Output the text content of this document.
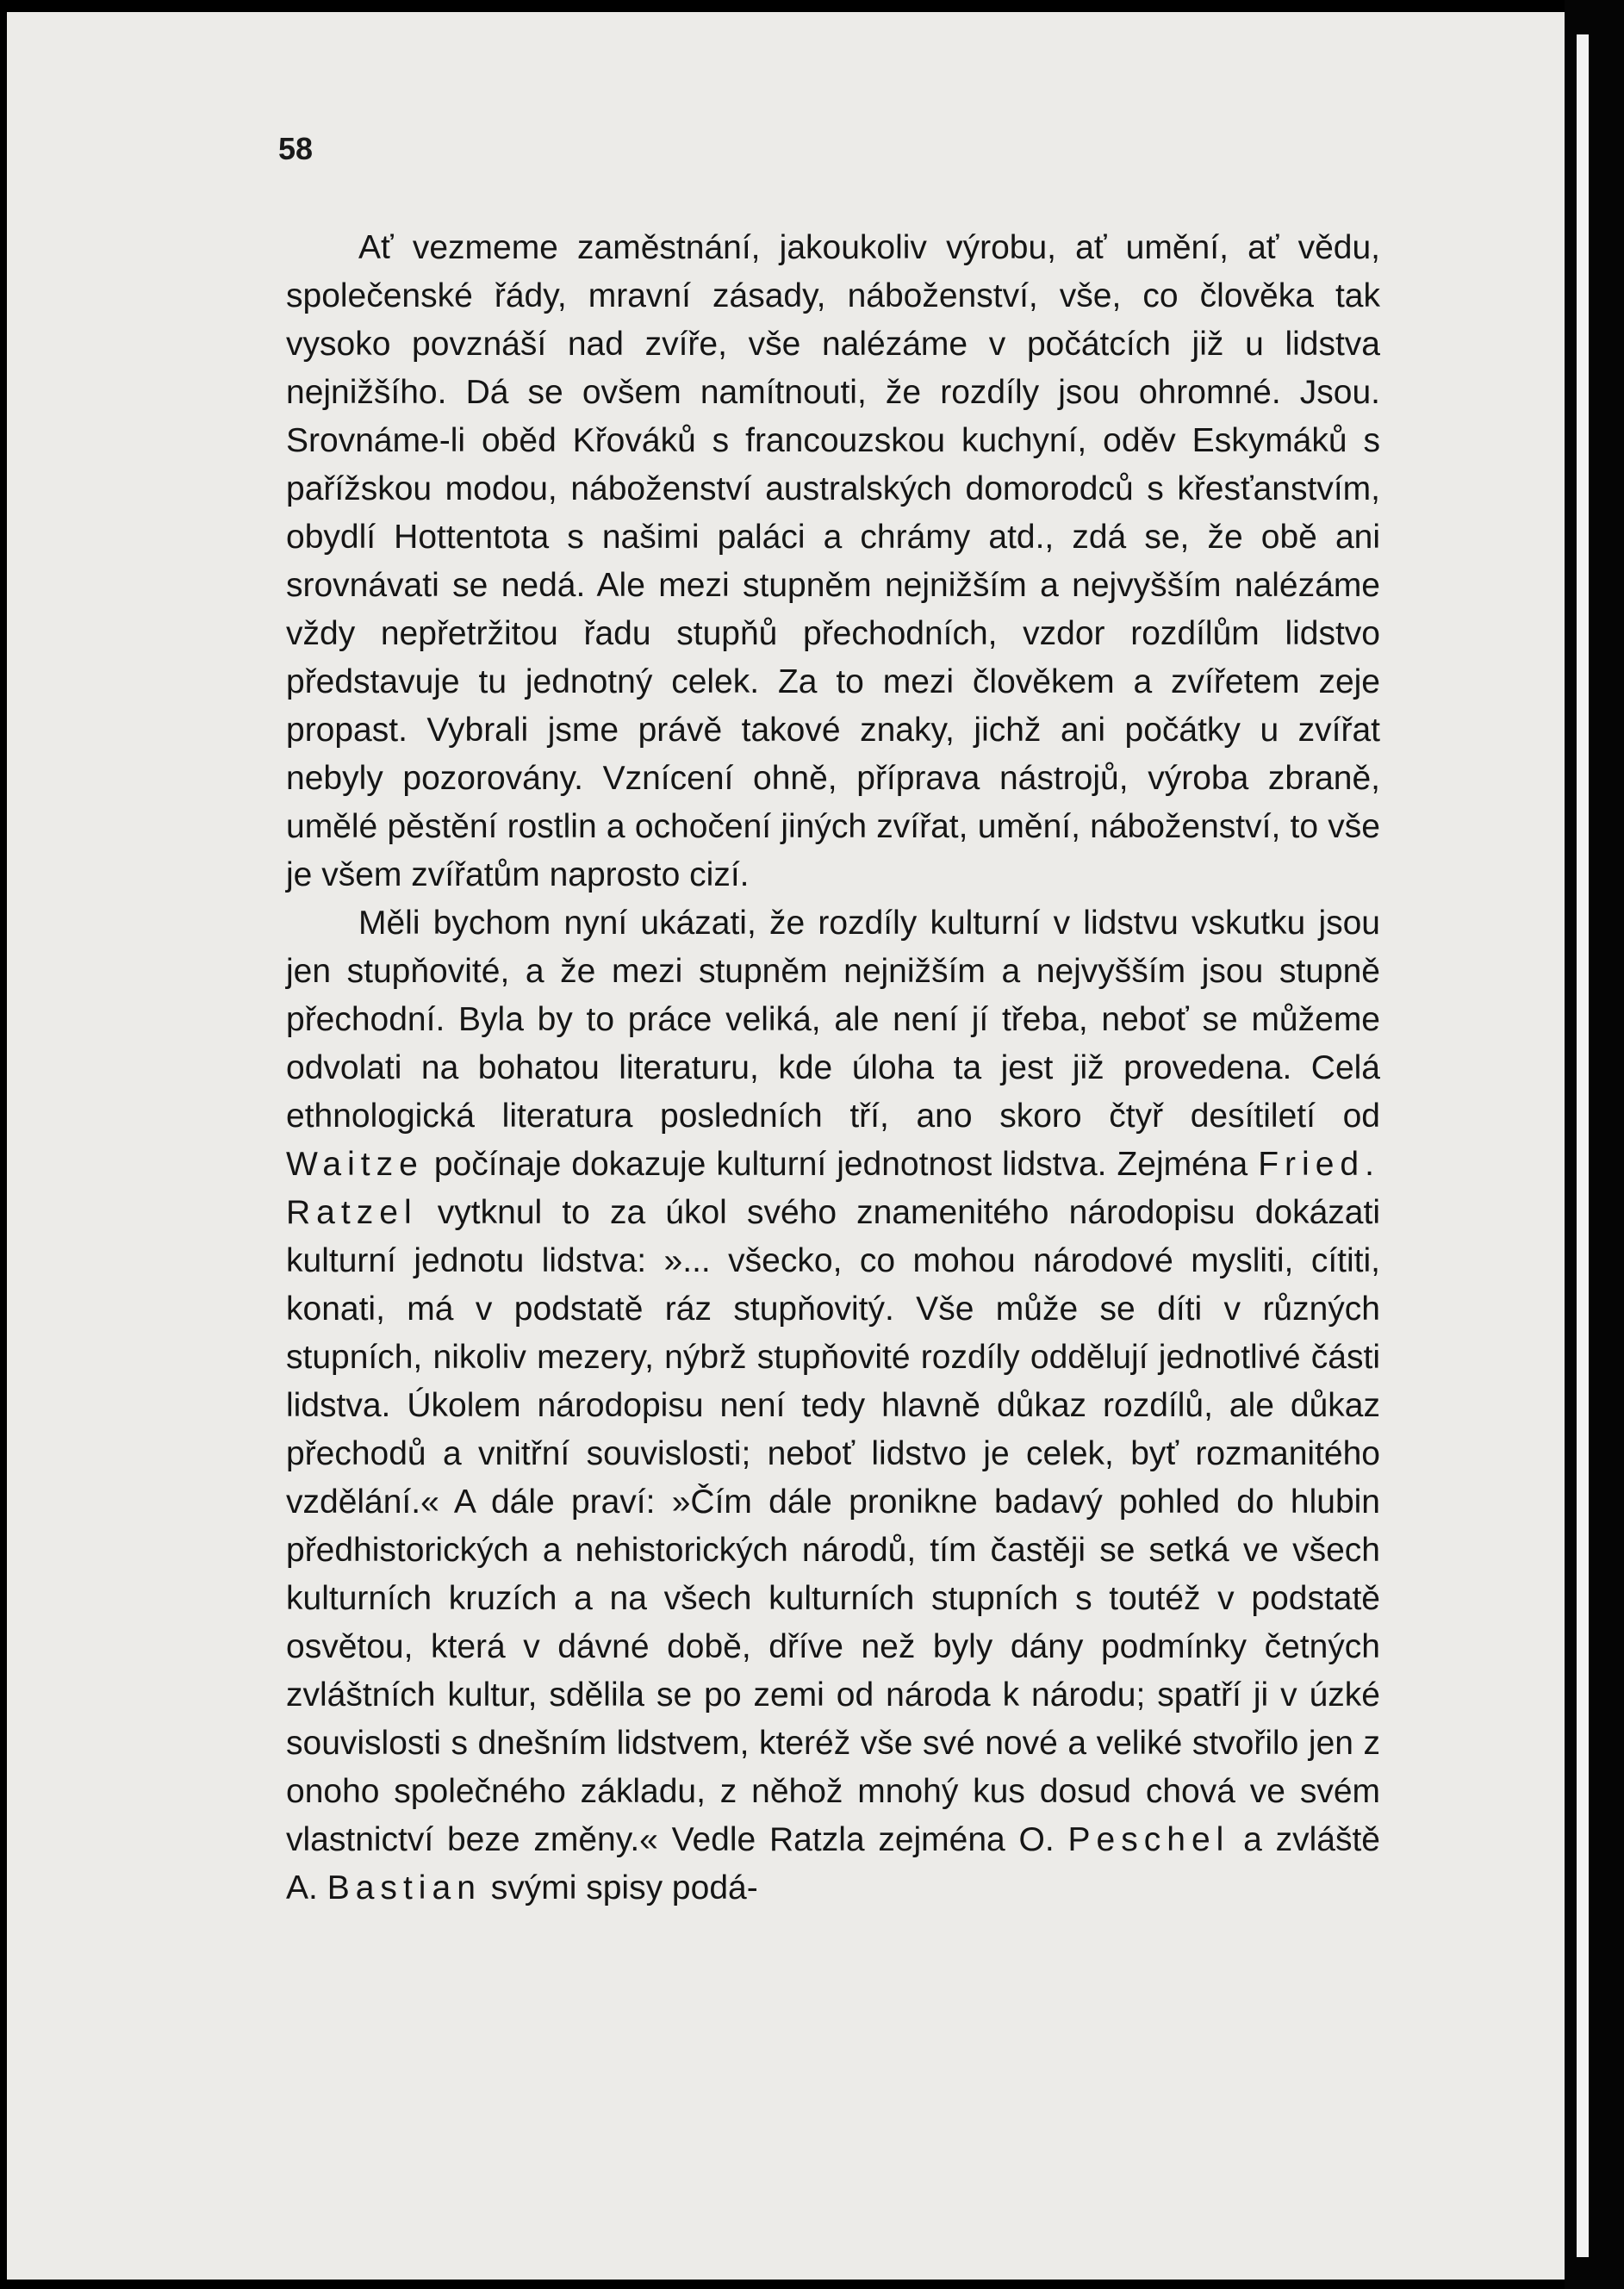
58

Ať vezmeme zaměstnání, jakoukoliv výrobu, ať umění, ať vědu, společenské řády, mravní zásady, náboženství, vše, co člověka tak vysoko povznáší nad zvíře, vše nalézáme v počátcích již u lidstva nejnižšího. Dá se ovšem namítnouti, že rozdíly jsou ohromné. Jsou. Srovnáme-li oběd Křováků s francouzskou kuchyní, oděv Eskymáků s pařížskou modou, náboženství australských domorodců s křesťanstvím, obydlí Hottentota s našimi paláci a chrámy atd., zdá se, že obě ani srovnávati se nedá. Ale mezi stupněm nejnižším a nejvyšším nalézáme vždy nepřetržitou řadu stupňů přechodních, vzdor rozdílům lidstvo představuje tu jednotný celek. Za to mezi člověkem a zvířetem zeje propast. Vybrali jsme právě takové znaky, jichž ani počátky u zvířat nebyly pozorovány. Vznícení ohně, příprava nástrojů, výroba zbraně, umělé pěstění rostlin a ochočení jiných zvířat, umění, náboženství, to vše je všem zvířatům naprosto cizí.

Měli bychom nyní ukázati, že rozdíly kulturní v lidstvu vskutku jsou jen stupňovité, a že mezi stupněm nejnižším a nejvyšším jsou stupně přechodní. Byla by to práce veliká, ale není jí třeba, neboť se můžeme odvolati na bohatou literaturu, kde úloha ta jest již provedena. Celá ethnologická literatura posledních tří, ano skoro čtyř desítiletí od Waitze počínaje dokazuje kulturní jednotnost lidstva. Zejména Fried. Ratzel vytknul to za úkol svého znamenitého národopisu dokázati kulturní jednotu lidstva: »... všecko, co mohou národové mysliti, cítiti, konati, má v podstatě ráz stupňovitý. Vše může se díti v různých stupních, nikoliv mezery, nýbrž stupňovité rozdíly oddělují jednotlivé části lidstva. Úkolem národopisu není tedy hlavně důkaz rozdílů, ale důkaz přechodů a vnitřní souvislosti; neboť lidstvo je celek, byť rozmanitého vzdělání.« A dále praví: »Čím dále pronikne badavý pohled do hlubin předhistorických a nehistorických národů, tím častěji se setká ve všech kulturních kruzích a na všech kulturních stupních s toutéž v podstatě osvětou, která v dávné době, dříve než byly dány podmínky četných zvláštních kultur, sdělila se po zemi od národa k národu; spatří ji v úzké souvislosti s dnešním lidstvem, kteréž vše své nové a veliké stvořilo jen z onoho společného základu, z něhož mnohý kus dosud chová ve svém vlastnictví beze změny.« Vedle Ratzla zejména O. Peschel a zvláště A. Bastian svými spisy podá-
